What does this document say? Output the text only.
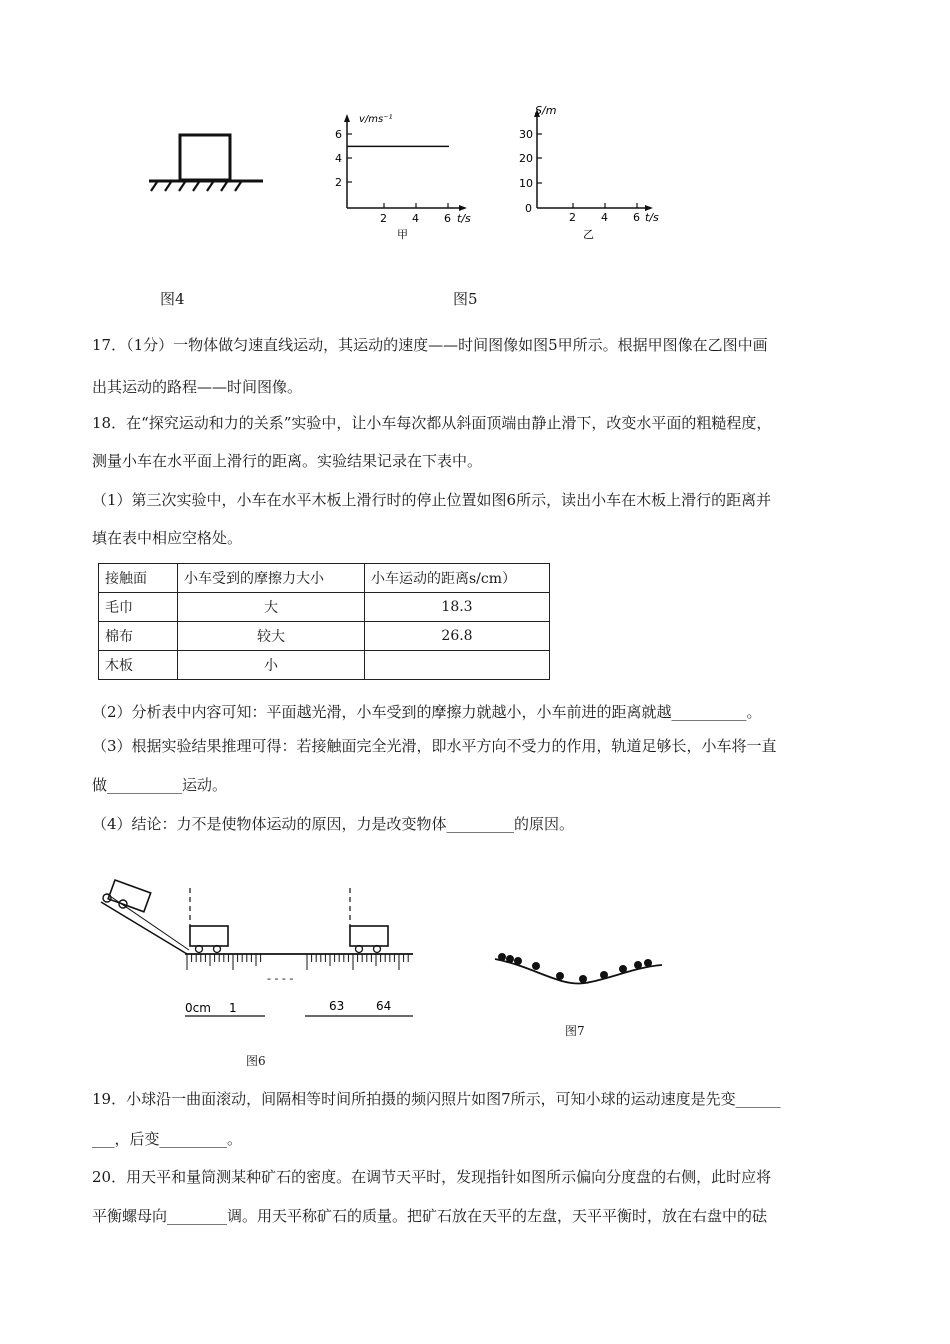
v/ms⁻¹
6
4
2
2 4 6 t/s
甲
S/m
30
20
10
0
2 4 6 t/s
乙
图4	图5
17．（1分）一物体做匀速直线运动，其运动的速度——时间图像如图5甲所示。根据甲图像在乙图中画
出其运动的路程——时间图像。
18．在“探究运动和力的关系”实验中，让小车每次都从斜面顶端由静止滑下，改变水平面的粗糙程度，
测量小车在水平面上滑行的距离。实验结果记录在下表中。
（1）第三次实验中，小车在水平木板上滑行时的停止位置如图6所示，读出小车在木板上滑行的距离并
填在表中相应空格处。
接触面	小车受到的摩擦力大小	小车运动的距离s/cm）
毛巾	大	18.3
棉布	较大	26.8
木板	小	
（2）分析表中内容可知：平面越光滑，小车受到的摩擦力就越小，小车前进的距离就越__________。
（3）根据实验结果推理可得：若接触面完全光滑，即水平方向不受力的作用，轨道足够长，小车将一直
做__________运动。
（4）结论：力不是使物体运动的原因，力是改变物体_________的原因。
- - - -
0cm 1	63	64
图7
图6
19．小球沿一曲面滚动，间隔相等时间所拍摄的频闪照片如图7所示，可知小球的运动速度是先变______
___，后变_________。
20．用天平和量筒测某种矿石的密度。在调节天平时，发现指针如图所示偏向分度盘的右侧，此时应将
平衡螺母向________调。用天平称矿石的质量。把矿石放在天平的左盘，天平平衡时，放在右盘中的砝
